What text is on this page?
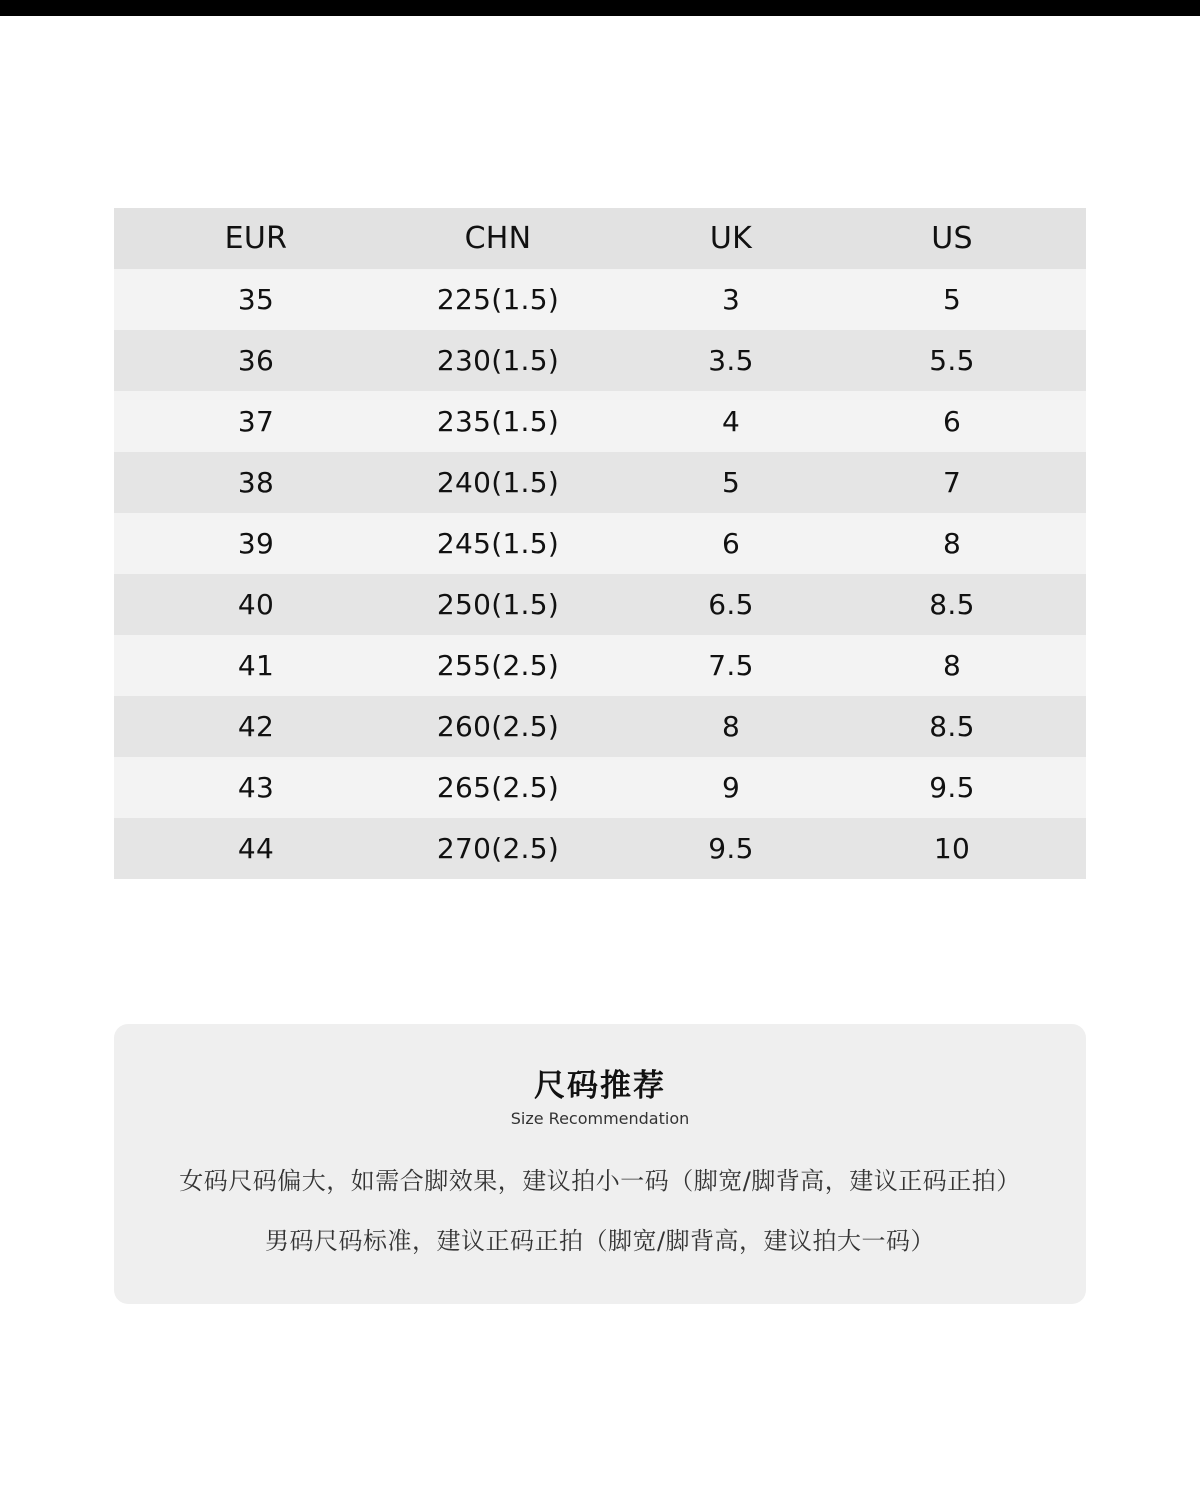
EUR	CHN	UK	US
35	225(1.5)	3	5
36	230(1.5)	3.5	5.5
37	235(1.5)	4	6
38	240(1.5)	5	7
39	245(1.5)	6	8
40	250(1.5)	6.5	8.5
41	255(2.5)	7.5	8
42	260(2.5)	8	8.5
43	265(2.5)	9	9.5
44	270(2.5)	9.5	10
尺码推荐
Size Recommendation
女码尺码偏大，如需合脚效果，建议拍小一码（脚宽/脚背高，建议正码正拍）
男码尺码标准，建议正码正拍（脚宽/脚背高，建议拍大一码）
